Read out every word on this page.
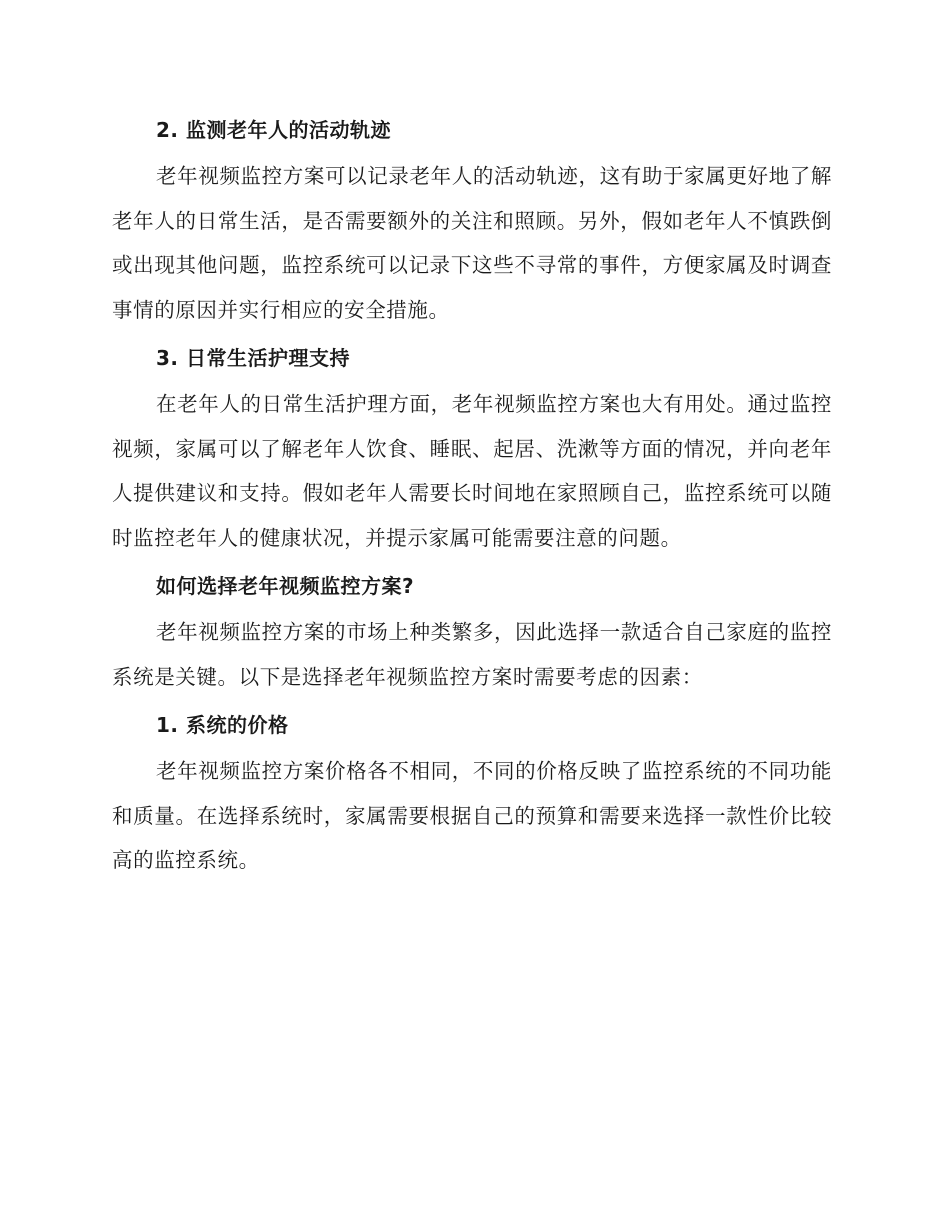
2. 监测老年人的活动轨迹

老年视频监控方案可以记录老年人的活动轨迹，这有助于家属更好地了解老年人的日常生活，是否需要额外的关注和照顾。另外，假如老年人不慎跌倒或出现其他问题，监控系统可以记录下这些不寻常的事件，方便家属及时调查事情的原因并实行相应的安全措施。

3. 日常生活护理支持

在老年人的日常生活护理方面，老年视频监控方案也大有用处。通过监控视频，家属可以了解老年人饮食、睡眠、起居、洗漱等方面的情况，并向老年人提供建议和支持。假如老年人需要长时间地在家照顾自己，监控系统可以随时监控老年人的健康状况，并提示家属可能需要注意的问题。

如何选择老年视频监控方案?

老年视频监控方案的市场上种类繁多，因此选择一款适合自己家庭的监控系统是关键。以下是选择老年视频监控方案时需要考虑的因素：

1. 系统的价格

老年视频监控方案价格各不相同，不同的价格反映了监控系统的不同功能和质量。在选择系统时，家属需要根据自己的预算和需要来选择一款性价比较高的监控系统。
